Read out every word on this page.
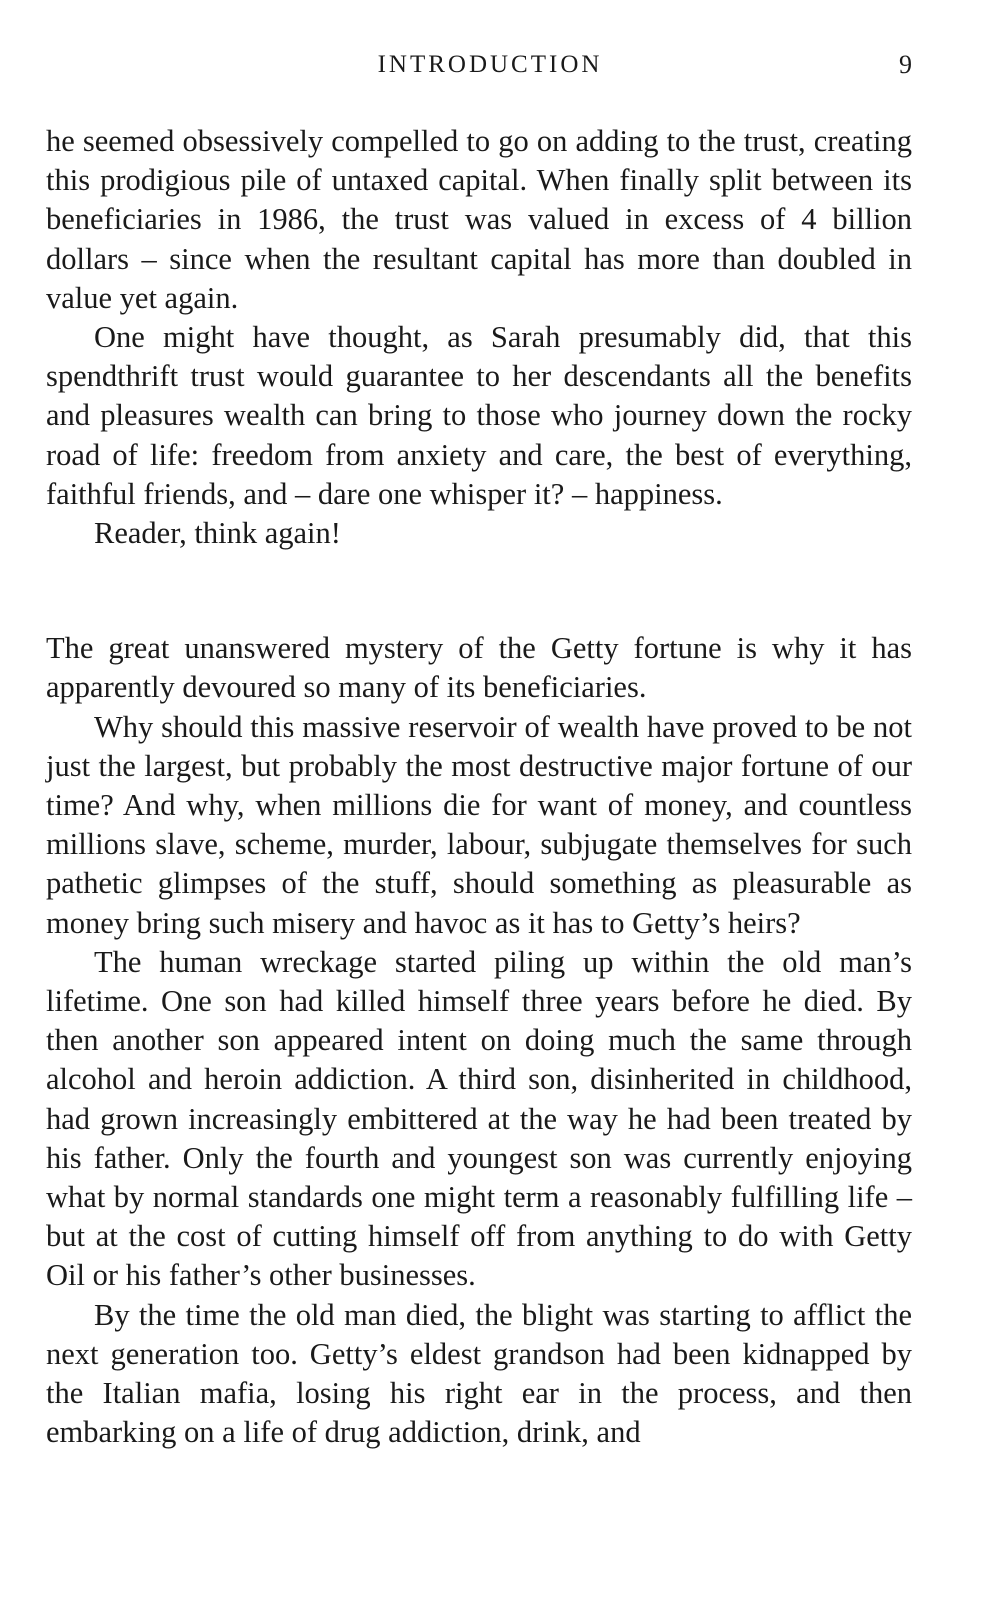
INTRODUCTION	9

he seemed obsessively compelled to go on adding to the trust, creating this prodigious pile of untaxed capital. When finally split between its beneficiaries in 1986, the trust was valued in excess of 4 billion dollars – since when the resultant capital has more than doubled in value yet again.

One might have thought, as Sarah presumably did, that this spendthrift trust would guarantee to her descendants all the benefits and pleasures wealth can bring to those who journey down the rocky road of life: freedom from anxiety and care, the best of everything, faithful friends, and – dare one whisper it? – happiness.

Reader, think again!

The great unanswered mystery of the Getty fortune is why it has apparently devoured so many of its beneficiaries.

Why should this massive reservoir of wealth have proved to be not just the largest, but probably the most destructive major fortune of our time? And why, when millions die for want of money, and countless millions slave, scheme, murder, labour, subjugate themselves for such pathetic glimpses of the stuff, should something as pleasurable as money bring such misery and havoc as it has to Getty’s heirs?

The human wreckage started piling up within the old man’s lifetime. One son had killed himself three years before he died. By then another son appeared intent on doing much the same through alcohol and heroin addiction. A third son, disinherited in childhood, had grown increasingly embittered at the way he had been treated by his father. Only the fourth and youngest son was currently enjoying what by normal standards one might term a reasonably fulfilling life – but at the cost of cutting himself off from anything to do with Getty Oil or his father’s other businesses.

By the time the old man died, the blight was starting to afflict the next generation too. Getty’s eldest grandson had been kidnapped by the Italian mafia, losing his right ear in the process, and then embarking on a life of drug addiction, drink, and
